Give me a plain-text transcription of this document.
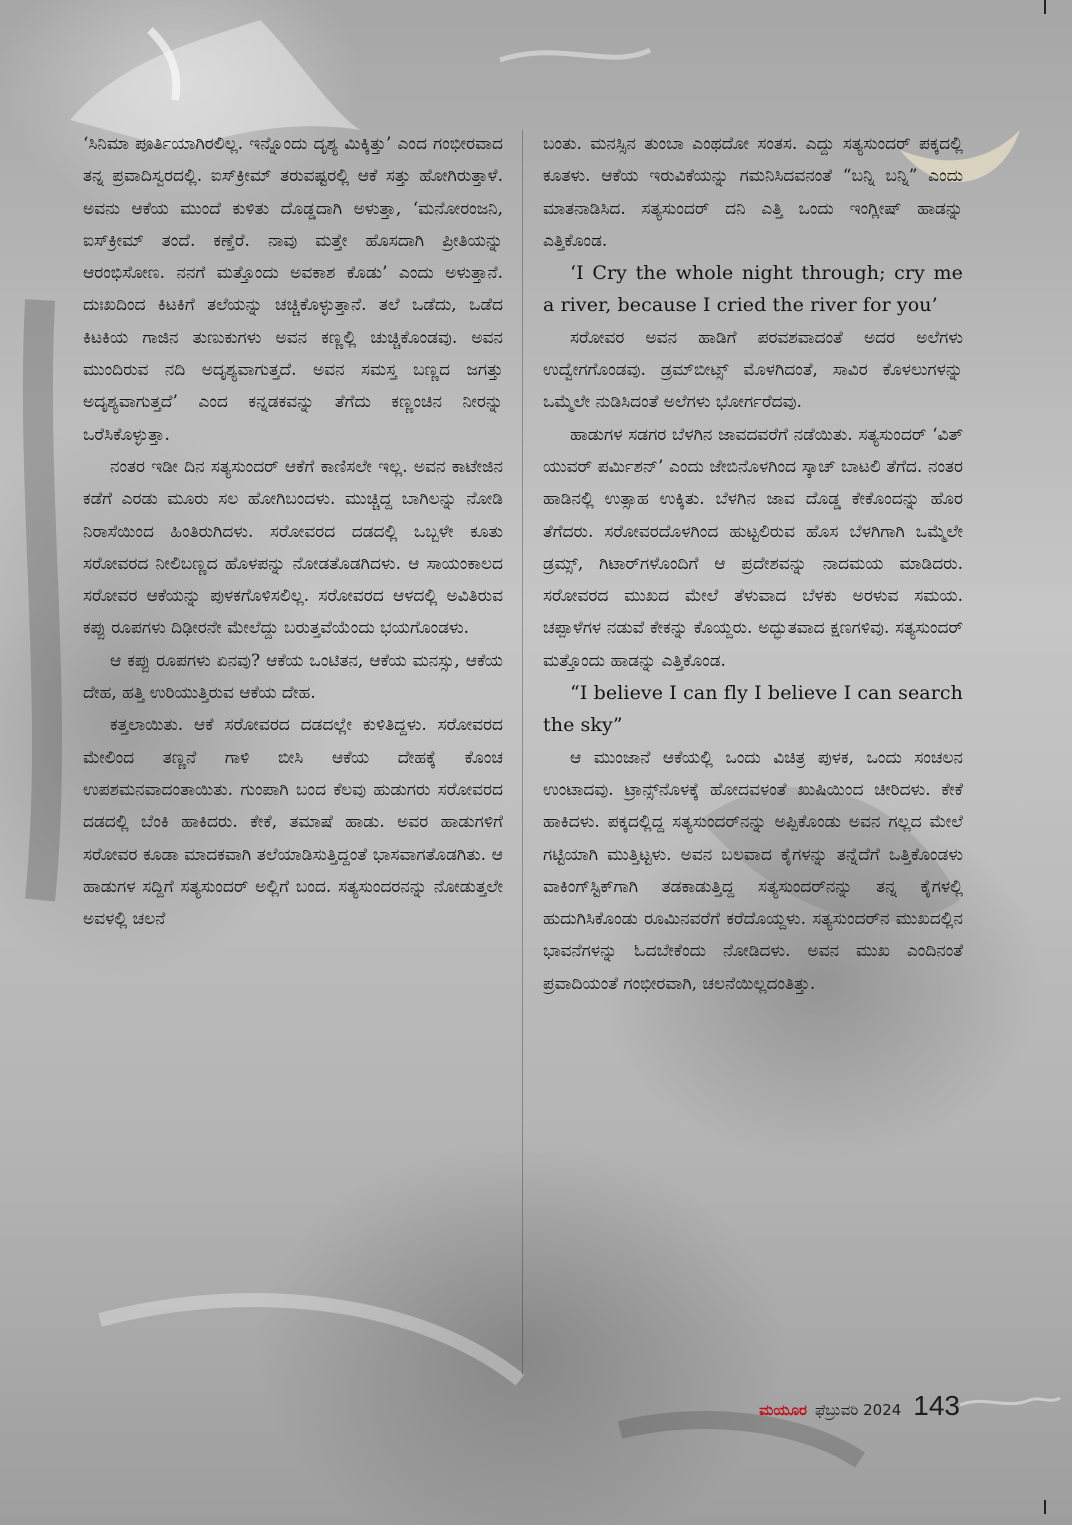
‘ಸಿನಿಮಾ ಪೂರ್ತಿಯಾಗಿರಲಿಲ್ಲ. ಇನ್ನೊಂದು ದೃಶ್ಯ ಮಿಕ್ಕಿತ್ತು’ ಎಂದ ಗಂಭೀರವಾದ ತನ್ನ ಪ್ರವಾದಿಸ್ವರದಲ್ಲಿ. ಐಸ್‌ಕ್ರೀಮ್ ತರುವಷ್ಟರಲ್ಲಿ ಆಕೆ ಸತ್ತು ಹೋಗಿರುತ್ತಾಳೆ. ಅವನು ಆಕೆಯ ಮುಂದೆ ಕುಳಿತು ದೊಡ್ಡದಾಗಿ ಅಳುತ್ತಾ, ‘ಮನೋರಂಜನಿ, ಐಸ್‌ಕ್ರೀಮ್ ತಂದೆ. ಕಣ್ತೆರೆ. ನಾವು ಮತ್ತೇ ಹೊಸದಾಗಿ ಪ್ರೀತಿಯನ್ನು ಆರಂಭಿಸೋಣ. ನನಗೆ ಮತ್ತೊಂದು ಅವಕಾಶ ಕೊಡು’ ಎಂದು ಅಳುತ್ತಾನೆ. ದುಃಖದಿಂದ ಕಿಟಕಿಗೆ ತಲೆಯನ್ನು ಚಚ್ಚಿಕೊಳ್ಳುತ್ತಾನೆ. ತಲೆ ಒಡೆದು, ಒಡೆದ ಕಿಟಕಿಯ ಗಾಜಿನ ತುಣುಕುಗಳು ಅವನ ಕಣ್ಣಲ್ಲಿ ಚುಚ್ಚಿಕೊಂಡವು. ಅವನ ಮುಂದಿರುವ ನದಿ ಅದೃಶ್ಯವಾಗುತ್ತದೆ. ಅವನ ಸಮಸ್ತ ಬಣ್ಣದ ಜಗತ್ತು ಅದೃಶ್ಯವಾಗುತ್ತದೆ’ ಎಂದ ಕನ್ನಡಕವನ್ನು ತೆಗೆದು ಕಣ್ಣಂಚಿನ ನೀರನ್ನು ಒರೆಸಿಕೊಳ್ಳುತ್ತಾ.

ನಂತರ ಇಡೀ ದಿನ ಸತ್ಯಸುಂದರ್ ಆಕೆಗೆ ಕಾಣಿಸಲೇ ಇಲ್ಲ. ಅವನ ಕಾಟೇಜಿನ ಕಡೆಗೆ ಎರಡು ಮೂರು ಸಲ ಹೋಗಿಬಂದಳು. ಮುಚ್ಚಿದ್ದ ಬಾಗಿಲನ್ನು ನೋಡಿ ನಿರಾಸೆಯಿಂದ ಹಿಂತಿರುಗಿದಳು. ಸರೋವರದ ದಡದಲ್ಲಿ ಒಬ್ಬಳೇ ಕೂತು ಸರೋವರದ ನೀಲಿಬಣ್ಣದ ಹೊಳಪನ್ನು ನೋಡತೊಡಗಿದಳು. ಆ ಸಾಯಂಕಾಲದ ಸರೋವರ ಆಕೆಯನ್ನು ಪುಳಕಗೊಳಿಸಲಿಲ್ಲ. ಸರೋವರದ ಆಳದಲ್ಲಿ ಅವಿತಿರುವ ಕಪ್ಪು ರೂಪಗಳು ದಿಢೀರನೇ ಮೇಲೆದ್ದು ಬರುತ್ತವೆಯೆಂದು ಭಯಗೊಂಡಳು.

ಆ ಕಪ್ಪು ರೂಪಗಳು ಏನವು? ಆಕೆಯ ಒಂಟಿತನ, ಆಕೆಯ ಮನಸ್ಸು, ಆಕೆಯ ದೇಹ, ಹತ್ತಿ ಉರಿಯುತ್ತಿರುವ ಆಕೆಯ ದೇಹ.

ಕತ್ತಲಾಯಿತು. ಆಕೆ ಸರೋವರದ ದಡದಲ್ಲೇ ಕುಳಿತಿದ್ದಳು. ಸರೋವರದ ಮೇಲಿಂದ ತಣ್ಣನೆ ಗಾಳಿ ಬೀಸಿ ಆಕೆಯ ದೇಹಕ್ಕೆ ಕೊಂಚ ಉಪಶಮನವಾದಂತಾಯಿತು. ಗುಂಪಾಗಿ ಬಂದ ಕೆಲವು ಹುಡುಗರು ಸರೋವರದ ದಡದಲ್ಲಿ ಬೆಂಕಿ ಹಾಕಿದರು. ಕೇಕೆ, ತಮಾಷೆ ಹಾಡು. ಅವರ ಹಾಡುಗಳಿಗೆ ಸರೋವರ ಕೂಡಾ ಮಾದಕವಾಗಿ ತಲೆಯಾಡಿಸುತ್ತಿದ್ದಂತೆ ಭಾಸವಾಗತೊಡಗಿತು. ಆ ಹಾಡುಗಳ ಸದ್ದಿಗೆ ಸತ್ಯಸುಂದರ್ ಅಲ್ಲಿಗೆ ಬಂದ. ಸತ್ಯಸುಂದರನನ್ನು ನೋಡುತ್ತಲೇ ಅವಳಲ್ಲಿ ಚಲನೆ

ಬಂತು. ಮನಸ್ಸಿನ ತುಂಬಾ ಎಂಥದೋ ಸಂತಸ. ಎದ್ದು ಸತ್ಯಸುಂದರ್ ಪಕ್ಕದಲ್ಲಿ ಕೂತಳು. ಆಕೆಯ ಇರುವಿಕೆಯನ್ನು ಗಮನಿಸಿದವನಂತೆ “ಬನ್ನಿ ಬನ್ನಿ” ಎಂದು ಮಾತನಾಡಿಸಿದ. ಸತ್ಯಸುಂದರ್ ದನಿ ಎತ್ತಿ ಒಂದು ಇಂಗ್ಲೀಷ್ ಹಾಡನ್ನು ಎತ್ತಿಕೊಂಡ.

‘I Cry the whole night through; cry me a river, because I cried the river for you’

ಸರೋವರ ಅವನ ಹಾಡಿಗೆ ಪರವಶವಾದಂತೆ ಅದರ ಅಲೆಗಳು ಉದ್ವೇಗಗೊಂಡವು. ಡ್ರಮ್‌ಬೀಟ್ಸ್ ಮೊಳಗಿದಂತೆ, ಸಾವಿರ ಕೊಳಲುಗಳನ್ನು ಒಮ್ಮೆಲೇ ನುಡಿಸಿದಂತೆ ಅಲೆಗಳು ಭೋರ್ಗರೆದವು.

ಹಾಡುಗಳ ಸಡಗರ ಬೆಳಗಿನ ಜಾವದವರೆಗೆ ನಡೆಯಿತು. ಸತ್ಯಸುಂದರ್ ‘ವಿತ್ ಯುವರ್ ಪರ್ಮಿಶನ್’ ಎಂದು ಜೇಬಿನೊಳಗಿಂದ ಸ್ಕಾಚ್ ಬಾಟಲಿ ತೆಗೆದ. ನಂತರ ಹಾಡಿನಲ್ಲಿ ಉತ್ಸಾಹ ಉಕ್ಕಿತು. ಬೆಳಗಿನ ಜಾವ ದೊಡ್ಡ ಕೇಕೊಂದನ್ನು ಹೊರ ತೆಗೆದರು. ಸರೋವರದೊಳಗಿಂದ ಹುಟ್ಟಲಿರುವ ಹೊಸ ಬೆಳಗಿಗಾಗಿ ಒಮ್ಮೆಲೇ ಡ್ರಮ್ಸ್, ಗಿಟಾರ್‌ಗಳೊಂದಿಗೆ ಆ ಪ್ರದೇಶವನ್ನು ನಾದಮಯ ಮಾಡಿದರು. ಸರೋವರದ ಮುಖದ ಮೇಲೆ ತೆಳುವಾದ ಬೆಳಕು ಅರಳುವ ಸಮಯ. ಚಪ್ಪಾಳೆಗಳ ನಡುವೆ ಕೇಕನ್ನು ಕೊಯ್ದರು. ಅದ್ಭುತವಾದ ಕ್ಷಣಗಳಿವು. ಸತ್ಯಸುಂದರ್ ಮತ್ತೊಂದು ಹಾಡನ್ನು ಎತ್ತಿಕೊಂಡ.

“I believe I can fly I believe I can search the sky”

ಆ ಮುಂಜಾನೆ ಆಕೆಯಲ್ಲಿ ಒಂದು ವಿಚಿತ್ರ ಪುಳಕ, ಒಂದು ಸಂಚಲನ ಉಂಟಾದವು. ಟ್ರಾನ್ಸ್‌ನೊಳಕ್ಕೆ ಹೋದವಳಂತೆ ಖುಷಿಯಿಂದ ಚೀರಿದಳು. ಕೇಕೆ ಹಾಕಿದಳು. ಪಕ್ಕದಲ್ಲಿದ್ದ ಸತ್ಯಸುಂದರ್‌ನನ್ನು ಅಪ್ಪಿಕೊಂಡು ಅವನ ಗಲ್ಲದ ಮೇಲೆ ಗಟ್ಟಿಯಾಗಿ ಮುತ್ತಿಟ್ಟಳು. ಅವನ ಬಲವಾದ ಕೈಗಳನ್ನು ತನ್ನೆದೆಗೆ ಒತ್ತಿಕೊಂಡಳು ವಾಕಿಂಗ್‌ಸ್ಟಿಕ್‌ಗಾಗಿ ತಡಕಾಡುತ್ತಿದ್ದ ಸತ್ಯಸುಂದರ್‌ನನ್ನು ತನ್ನ ಕೈಗಳಲ್ಲಿ ಹುದುಗಿಸಿಕೊಂಡು ರೂಮಿನವರೆಗೆ ಕರೆದೊಯ್ದಳು. ಸತ್ಯಸುಂದರ್‌ನ ಮುಖದಲ್ಲಿನ ಭಾವನೆಗಳನ್ನು ಓದಬೇಕೆಂದು ನೋಡಿದಳು. ಅವನ ಮುಖ ಎಂದಿನಂತೆ ಪ್ರವಾದಿಯಂತೆ ಗಂಭೀರವಾಗಿ, ಚಲನೆಯಿಲ್ಲದಂತಿತ್ತು.

ಮಯೂರ ಫೆಬ್ರುವರಿ 2024 143
